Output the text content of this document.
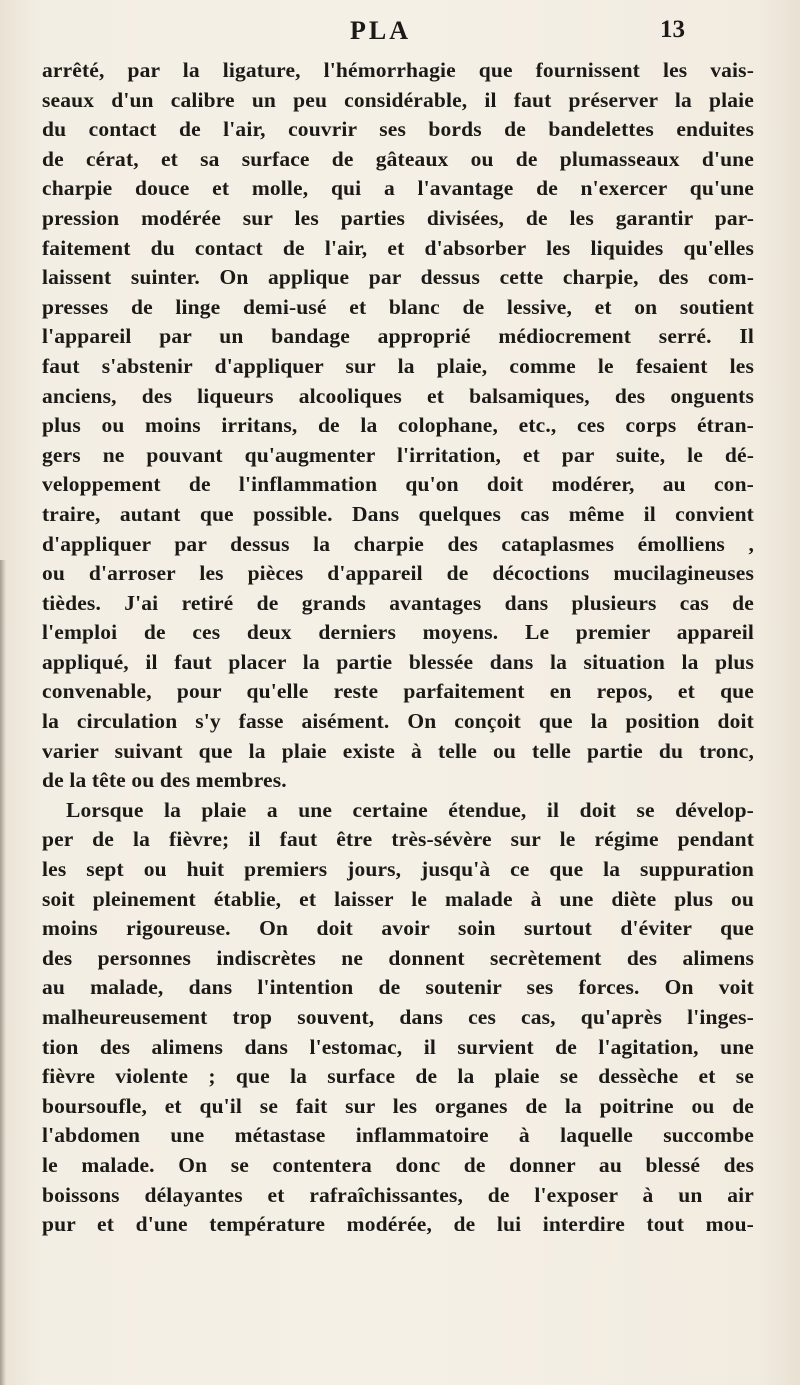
PLA	13
arrêté, par la ligature, l'hémorrhagie que fournissent les vais-
seaux d'un calibre un peu considérable, il faut préserver la plaie
du contact de l'air, couvrir ses bords de bandelettes enduites
de cérat, et sa surface de gâteaux ou de plumasseaux d'une
charpie douce et molle, qui a l'avantage de n'exercer qu'une
pression modérée sur les parties divisées, de les garantir par-
faitement du contact de l'air, et d'absorber les liquides qu'elles
laissent suinter. On applique par dessus cette charpie, des com-
presses de linge demi-usé et blanc de lessive, et on soutient
l'appareil par un bandage approprié médiocrement serré. Il
faut s'abstenir d'appliquer sur la plaie, comme le fesaient les
anciens, des liqueurs alcooliques et balsamiques, des onguents
plus ou moins irritans, de la colophane, etc., ces corps étran-
gers ne pouvant qu'augmenter l'irritation, et par suite, le dé-
veloppement de l'inflammation qu'on doit modérer, au con-
traire, autant que possible. Dans quelques cas même il convient
d'appliquer par dessus la charpie des cataplasmes émolliens ,
ou d'arroser les pièces d'appareil de décoctions mucilagineuses
tièdes. J'ai retiré de grands avantages dans plusieurs cas de
l'emploi de ces deux derniers moyens. Le premier appareil
appliqué, il faut placer la partie blessée dans la situation la plus
convenable, pour qu'elle reste parfaitement en repos, et que
la circulation s'y fasse aisément. On conçoit que la position doit
varier suivant que la plaie existe à telle ou telle partie du tronc,
de la tête ou des membres.
Lorsque la plaie a une certaine étendue, il doit se dévelop-
per de la fièvre; il faut être très-sévère sur le régime pendant
les sept ou huit premiers jours, jusqu'à ce que la suppuration
soit pleinement établie, et laisser le malade à une diète plus ou
moins rigoureuse. On doit avoir soin surtout d'éviter que
des personnes indiscrètes ne donnent secrètement des alimens
au malade, dans l'intention de soutenir ses forces. On voit
malheureusement trop souvent, dans ces cas, qu'après l'inges-
tion des alimens dans l'estomac, il survient de l'agitation, une
fièvre violente ; que la surface de la plaie se dessèche et se
boursoufle, et qu'il se fait sur les organes de la poitrine ou de
l'abdomen une métastase inflammatoire à laquelle succombe
le malade. On se contentera donc de donner au blessé des
boissons délayantes et rafraîchissantes, de l'exposer à un air
pur et d'une température modérée, de lui interdire tout mou-
